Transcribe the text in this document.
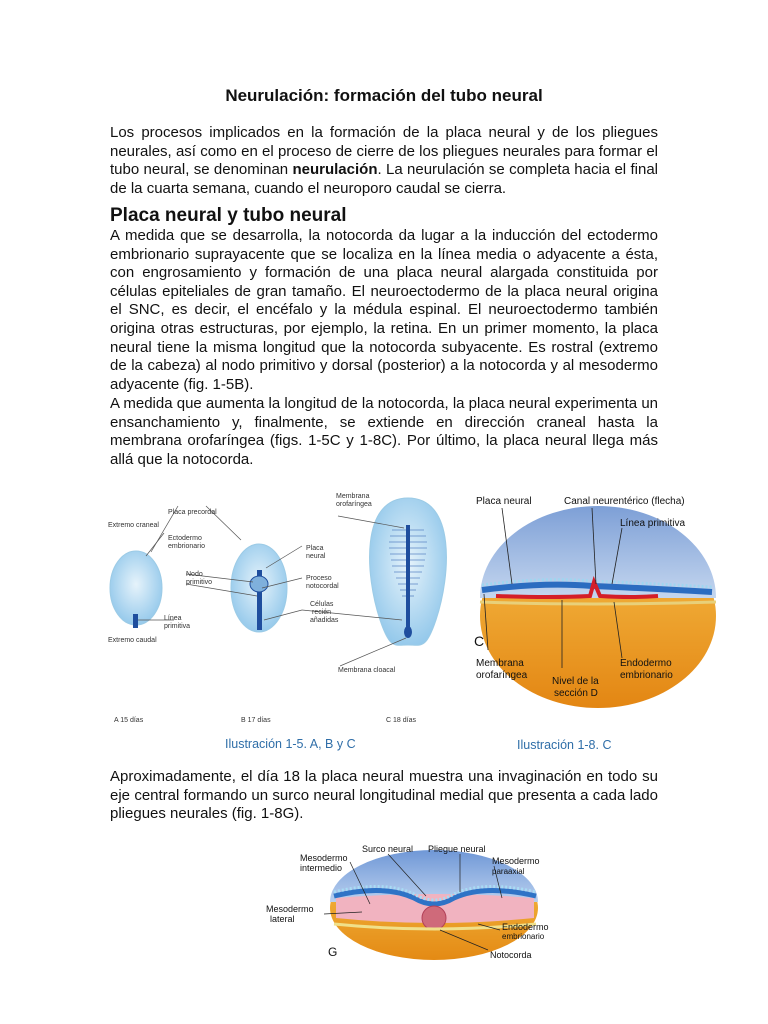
Neurulación: formación del tubo neural
Los procesos implicados en la formación de la placa neural y de los pliegues neurales, así como en el proceso de cierre de los pliegues neurales para formar el tubo neural, se denominan neurulación. La neurulación se completa hacia el final de la cuarta semana, cuando el neuroporo caudal se cierra.
Placa neural y tubo neural
A medida que se desarrolla, la notocorda da lugar a la inducción del ectodermo embrionario suprayacente que se localiza en la línea media o adyacente a ésta, con engrosamiento y formación de una placa neural alargada constituida por células epiteliales de gran tamaño. El neuroectodermo de la placa neural origina el SNC, es decir, el encéfalo y la médula espinal. El neuroectodermo también origina otras estructuras, por ejemplo, la retina. En un primer momento, la placa neural tiene la misma longitud que la notocorda subyacente. Es rostral (extremo de la cabeza) al nodo primitivo y dorsal (posterior) a la notocorda y al mesodermo adyacente (fig. 1-5B).
A medida que aumenta la longitud de la notocorda, la placa neural experimenta un ensanchamiento y, finalmente, se extiende en dirección craneal hasta la membrana orofaríngea (figs. 1-5C y 1-8C). Por último, la placa neural llega más allá que la notocorda.
Placa precordal
Extremo craneal
Ectodermo
embrionario
Nodo
primitivo
Línea
primitiva
Extremo caudal
Placa
neural
Proceso
notocordal
Células
recién
añadidas
Membrana
orofaríngea
Membrana cloacal
A 15 días	B 17 días	C 18 días
Placa neural	Canal neurentérico (flecha)
Línea primitiva
C
Membrana
orofaríngea
Nivel de la
sección D
Endodermo
embrionario
Ilustración 1-5. A, B y C	Ilustración 1-8. C
Aproximadamente, el día 18 la placa neural muestra una invaginación en todo su eje central formando un surco neural longitudinal medial que presenta a cada lado pliegues neurales (fig. 1-8G).
Surco neural Pliegue neural
Mesodermo
intermedio
Mesodermo
paraaxial
Mesodermo
lateral
Endodermo
embrionario
G	Notocorda
